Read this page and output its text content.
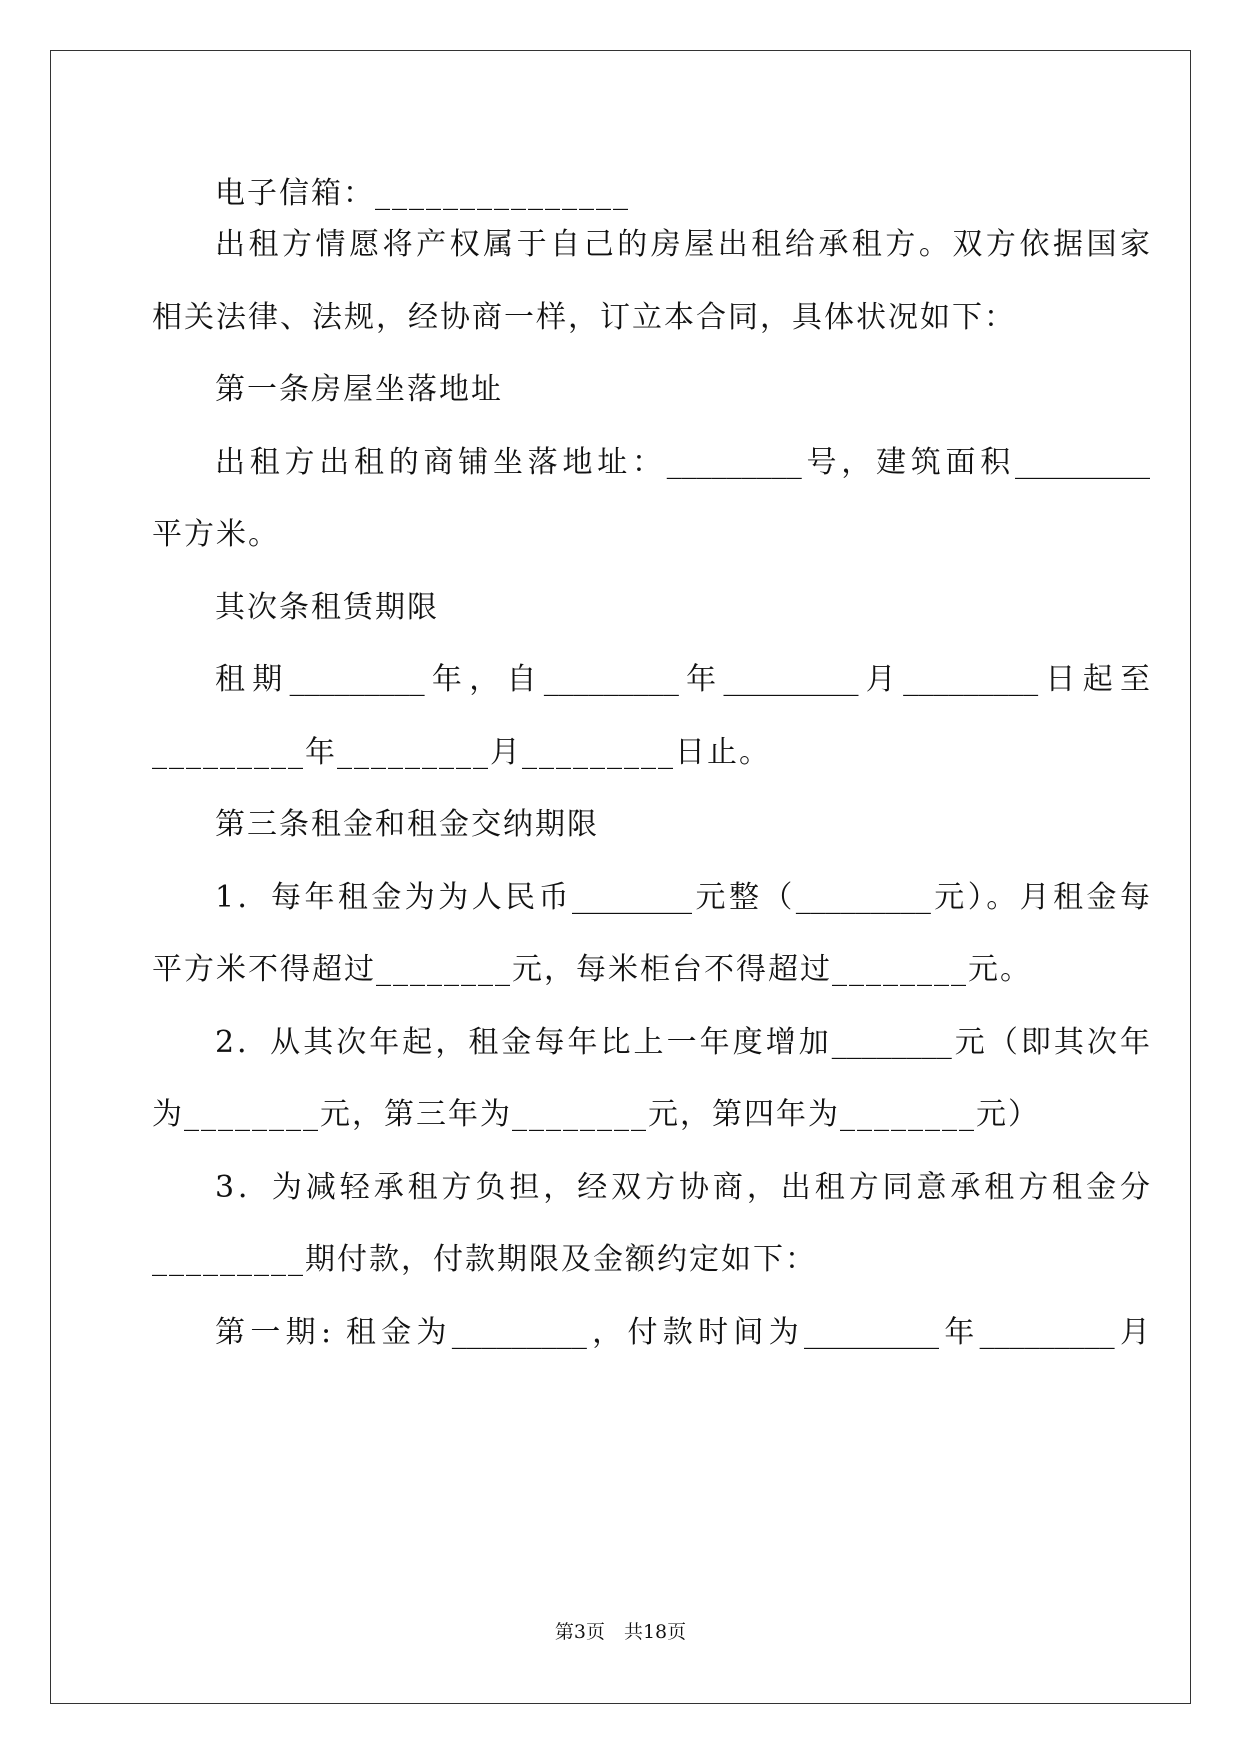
电子信箱：_______________
出租方情愿将产权属于自己的房屋出租给承租方。双方依据国家
相关法律、法规，经协商一样，订立本合同，具体状况如下：
第一条房屋坐落地址
出租方出租的商铺坐落地址：_________号，建筑面积_________
平方米。
其次条租赁期限
租期_________年，自_________年_________月_________日起至
_________年_________月_________日止。
第三条租金和租金交纳期限
1．每年租金为为人民币________元整（_________元）。月租金每
平方米不得超过________元，每米柜台不得超过________元。
2．从其次年起，租金每年比上一年度增加________元（即其次年
为________元，第三年为________元，第四年为________元）
3．为减轻承租方负担，经双方协商，出租方同意承租方租金分
_________期付款，付款期限及金额约定如下：
第一期: 租金为_________，付款时间为_________年_________月
第3页　共18页
